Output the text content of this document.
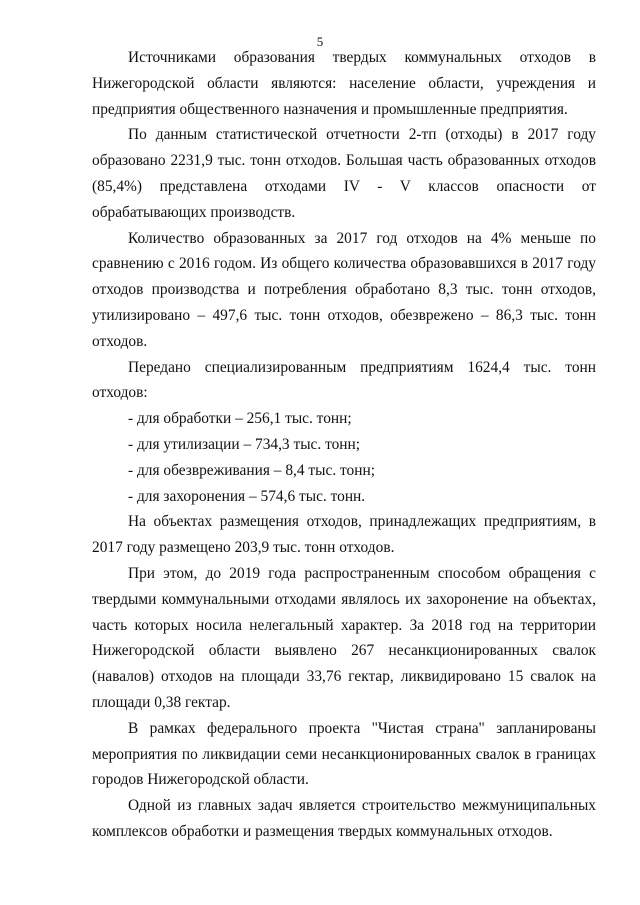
5

Источниками образования твердых коммунальных отходов в Нижегородской области являются: население области, учреждения и предприятия общественного назначения и промышленные предприятия.

По данным статистической отчетности 2-тп (отходы) в 2017 году образовано 2231,9 тыс. тонн отходов. Большая часть образованных отходов (85,4%) представлена отходами IV - V классов опасности от обрабатывающих производств.

Количество образованных за 2017 год отходов на 4% меньше по сравнению с 2016 годом. Из общего количества образовавшихся в 2017 году отходов производства и потребления обработано 8,3 тыс. тонн отходов, утилизировано – 497,6 тыс. тонн отходов, обезврежено – 86,3 тыс. тонн отходов.

Передано специализированным предприятиям 1624,4 тыс. тонн отходов:

- для обработки – 256,1 тыс. тонн;

- для утилизации – 734,3 тыс. тонн;

- для обезвреживания – 8,4 тыс. тонн;

- для захоронения – 574,6 тыс. тонн.

На объектах размещения отходов, принадлежащих предприятиям, в 2017 году размещено 203,9 тыс. тонн отходов.

При этом, до 2019 года распространенным способом обращения с твердыми коммунальными отходами являлось их захоронение на объектах, часть которых носила нелегальный характер. За 2018 год на территории Нижегородской области выявлено 267 несанкционированных свалок (навалов) отходов на площади 33,76 гектар, ликвидировано 15 свалок на площади 0,38 гектар.

В рамках федерального проекта "Чистая страна" запланированы мероприятия по ликвидации семи несанкционированных свалок в границах городов Нижегородской области.

Одной из главных задач является строительство межмуниципальных комплексов обработки и размещения твердых коммунальных отходов.
